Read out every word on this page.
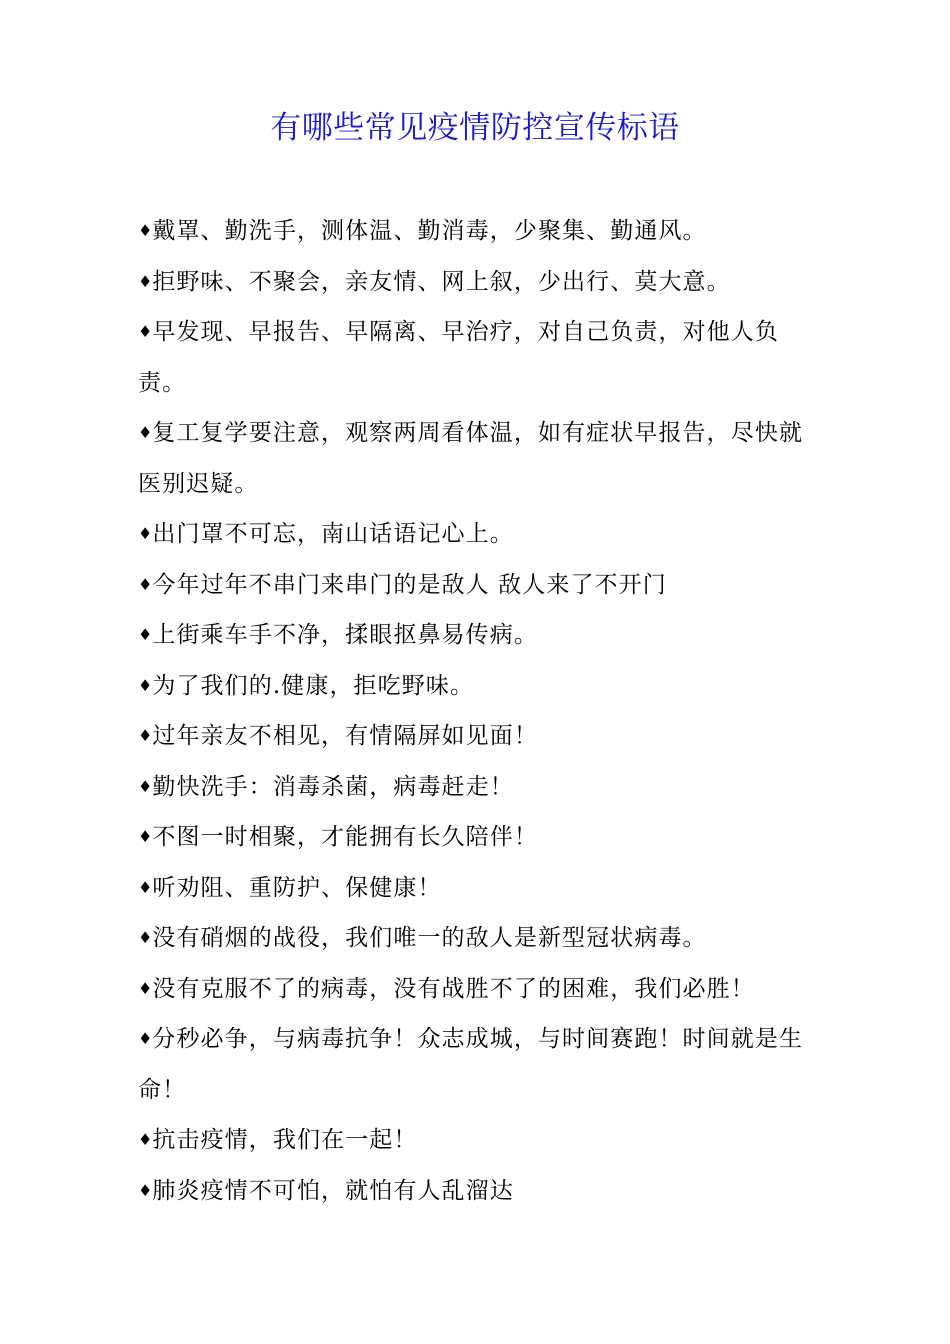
有哪些常见疫情防控宣传标语
♦戴罩、勤洗手，测体温、勤消毒，少聚集、勤通风。
♦拒野味、不聚会，亲友情、网上叙，少出行、莫大意。
♦早发现、早报告、早隔离、早治疗，对自己负责，对他人负责。
♦复工复学要注意，观察两周看体温，如有症状早报告，尽快就医别迟疑。
♦出门罩不可忘，南山话语记心上。
♦今年过年不串门来串门的是敌人 敌人来了不开门
♦上街乘车手不净，揉眼抠鼻易传病。
♦为了我们的.健康，拒吃野味。
♦过年亲友不相见，有情隔屏如见面！
♦勤快洗手：消毒杀菌，病毒赶走！
♦不图一时相聚，才能拥有长久陪伴！
♦听劝阻、重防护、保健康！
♦没有硝烟的战役，我们唯一的敌人是新型冠状病毒。
♦没有克服不了的病毒，没有战胜不了的困难，我们必胜！
♦分秒必争，与病毒抗争！众志成城，与时间赛跑！时间就是生命！
♦抗击疫情，我们在一起！
♦肺炎疫情不可怕，就怕有人乱溜达
